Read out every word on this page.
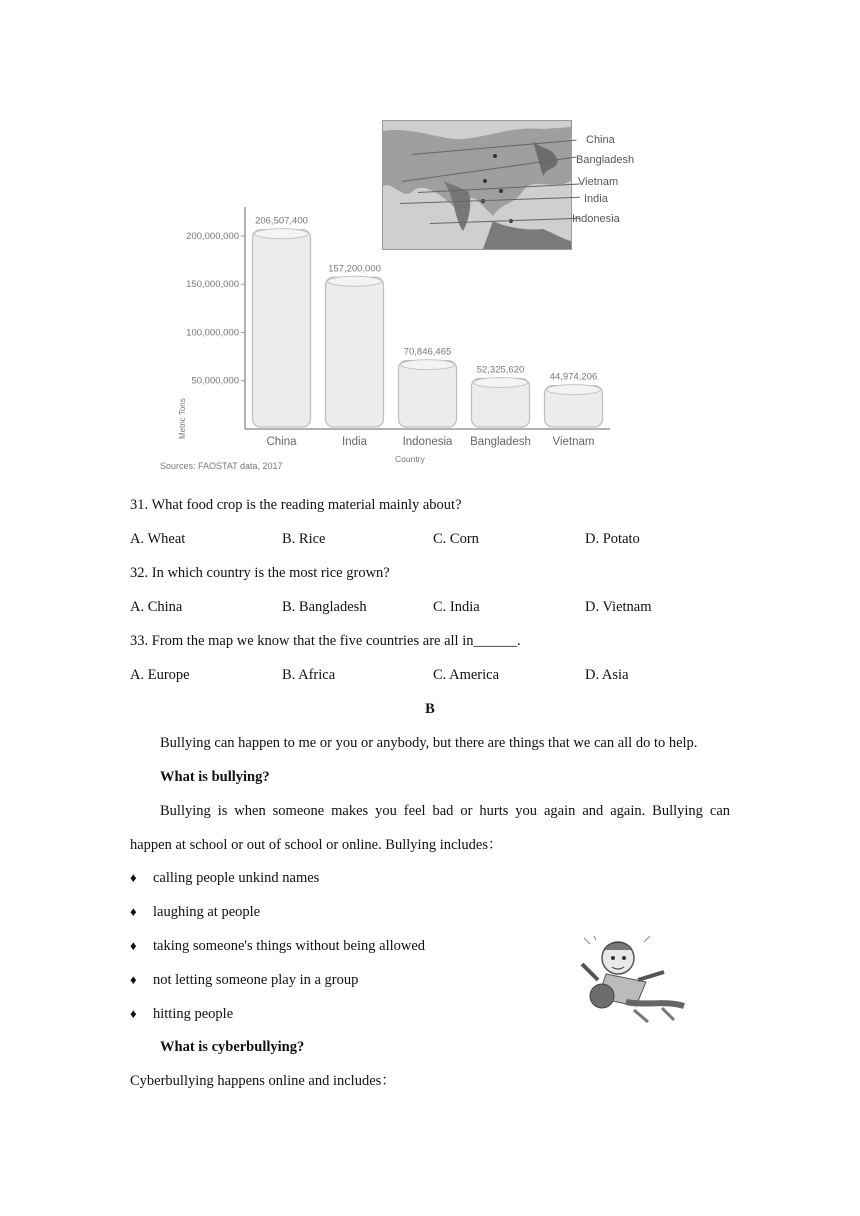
China
Bangladesh
Vietnam
India
Indonesia
50,000,000
100,000,000
150,000,000
200,000,000
206,507,400
China
157,200,000
India
70,846,465
Indonesia
52,325,620
Bangladesh
44,974,206
Vietnam
Metric Tons
Country
Sources: FAOSTAT data, 2017
31. What food crop is the reading material mainly about?
A. Wheat	B. Rice	C. Corn	D. Potato
32. In which country is the most rice grown?
A. China	B. Bangladesh	C. India	D. Vietnam
33. From the map we know that the five countries are all in______.
A. Europe	B. Africa	C. America	D. Asia
B
Bullying can happen to me or you or anybody, but there are things that we can all do to help.
What is bullying?
Bullying is when someone makes you feel bad or hurts you again and again. Bullying can
happen at school or out of school or online. Bullying includes：
♦ calling people unkind names
♦ laughing at people
♦ taking someone's things without being allowed
♦ not letting someone play in a group
♦ hitting people
What is cyberbullying?
Cyberbullying happens online and includes：
